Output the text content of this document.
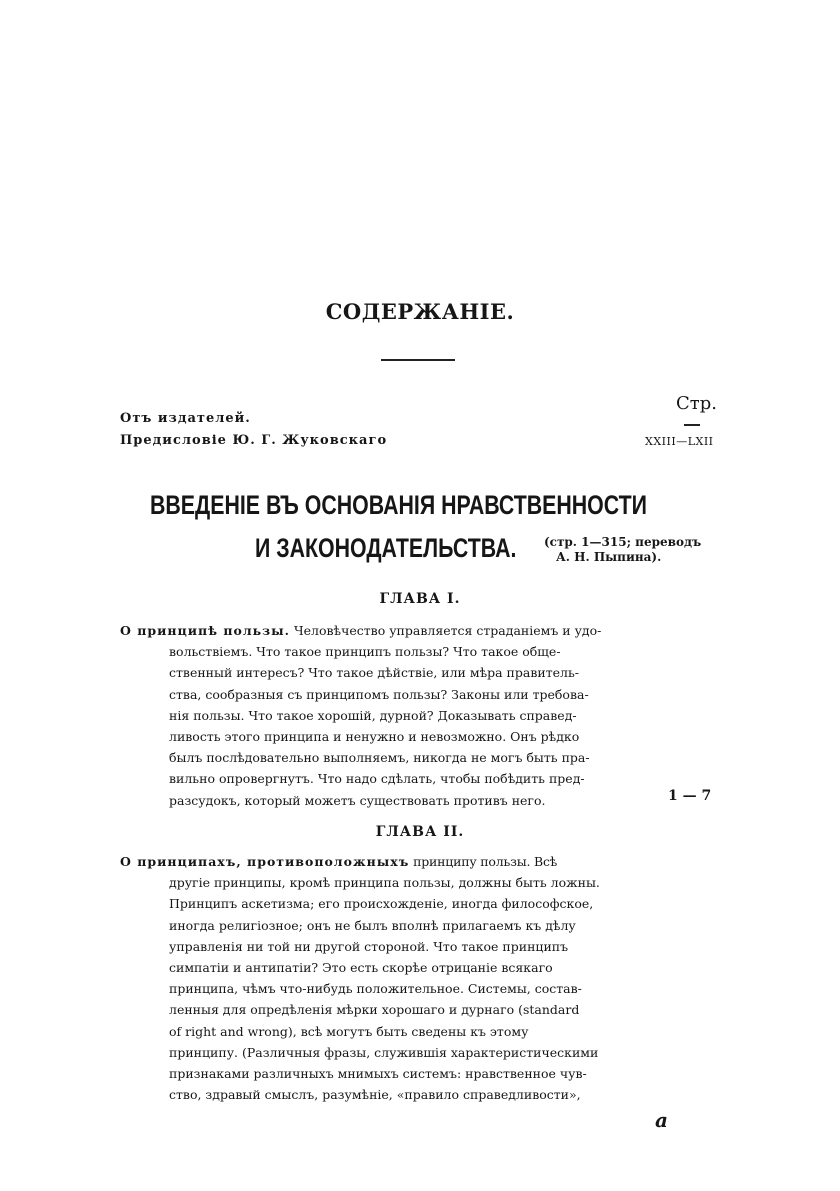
СОДЕРЖАНІЕ.
Стр.
Отъ издателей.
Предисловіе Ю. Г. Жуковскаго	XXIII—LXII
ВВЕДЕНІЕ ВЪ ОСНОВАНІЯ НРАВСТВЕННОСТИ
И ЗАКОНОДАТЕЛЬСТВА. (стр. 1—315; переводъ
А. Н. Пыпина).
ГЛАВА I.
О принципѣ пользы. Человѣчество управляется страданіемъ и удо-
вольствіемъ. Что такое принципъ пользы? Что такое обще-
ственный интересъ? Что такое дѣйствіе, или мѣра правитель-
ства, сообразныя съ принципомъ пользы? Законы или требова-
нія пользы. Что такое хорошій, дурной? Доказывать справед-
ливость этого принципа и ненужно и невозможно. Онъ рѣдко
былъ послѣдовательно выполняемъ, никогда не могъ быть пра-
вильно опровергнутъ. Что надо сдѣлать, чтобы побѣдить пред-
разсудокъ, который можетъ существовать противъ него.	1 — 7
ГЛАВА II.
О принципахъ, противоположныхъ принципу пользы. Всѣ
другіе принципы, кромѣ принципа пользы, должны быть ложны.
Принципъ аскетизма; его происхожденіе, иногда философское,
иногда религіозное; онъ не былъ вполнѣ прилагаемъ къ дѣлу
управленія ни той ни другой стороной. Что такое принципъ
симпатіи и антипатіи? Это есть скорѣе отрицаніе всякаго
принципа, чѣмъ что-нибудь положительное. Системы, состав-
ленныя для опредѣленія мѣрки хорошаго и дурнаго (standard
of right and wrong), всѣ могутъ быть сведены къ этому
принципу. (Различныя фразы, служившія характеристическими
признаками различныхъ мнимыхъ системъ: нравственное чув-
ство, здравый смыслъ, разумѣніе, «правило справедливости»,
a
